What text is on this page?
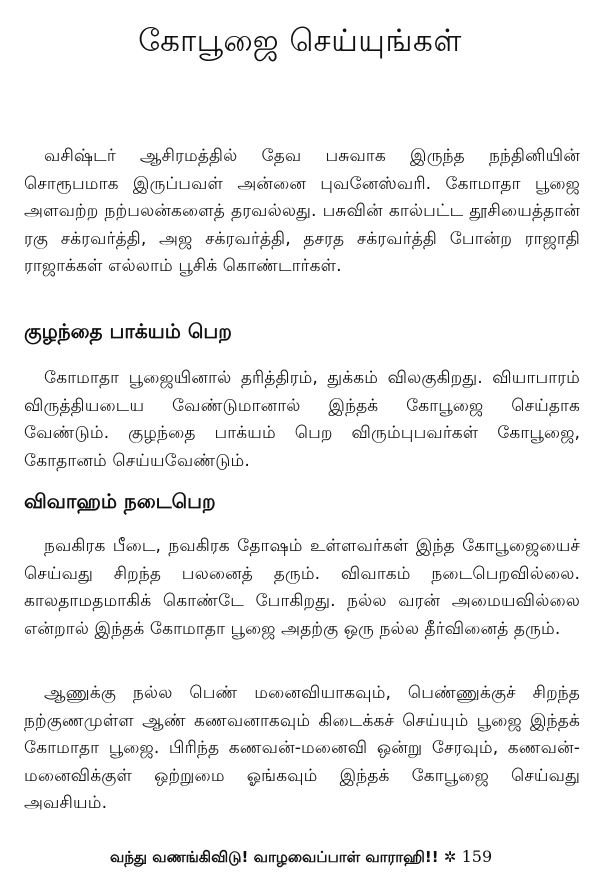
கோபூஜை செய்யுங்கள்

வசிஷ்டர் ஆசிரமத்தில் தேவ பசுவாக இருந்த நந்தினியின் சொரூபமாக இருப்பவள் அன்னை புவனேஸ்வரி. கோமாதா பூஜை அளவற்ற நற்பலன்களைத் தரவல்லது. பசுவின் கால்பட்ட தூசியைத்தான் ரகு சக்ரவர்த்தி, அஜ சக்ரவர்த்தி, தசரத சக்ரவர்த்தி போன்ற ராஜாதி ராஜாக்கள் எல்லாம் பூசிக் கொண்டார்கள்.

குழந்தை பாக்யம் பெற

கோமாதா பூஜையினால் தரித்திரம், துக்கம் விலகுகிறது. வியாபாரம் விருத்தியடைய வேண்டுமானால் இந்தக் கோபூஜை செய்தாக வேண்டும். குழந்தை பாக்யம் பெற விரும்புபவர்கள் கோபூஜை, கோதானம் செய்யவேண்டும்.

விவாஹம் நடைபெற

நவகிரக பீடை, நவகிரக தோஷம் உள்ளவர்கள் இந்த கோபூஜையைச் செய்வது சிறந்த பலனைத் தரும். விவாகம் நடைபெறவில்லை. காலதாமதமாகிக் கொண்டே போகிறது. நல்ல வரன் அமையவில்லை என்றால் இந்தக் கோமாதா பூஜை அதற்கு ஒரு நல்ல தீர்வினைத் தரும்.

ஆணுக்கு நல்ல பெண் மனைவியாகவும், பெண்ணுக்குச் சிறந்த நற்குணமுள்ள ஆண் கணவனாகவும் கிடைக்கச் செய்யும் பூஜை இந்தக் கோமாதா பூஜை. பிரிந்த கணவன்-மனைவி ஒன்று சேரவும், கணவன்-மனைவிக்குள் ஒற்றுமை ஓங்கவும் இந்தக் கோபூஜை செய்வது அவசியம்.

வந்து வணங்கிவிடு! வாழவைப்பாள் வாராஹி!! ✲ 159
